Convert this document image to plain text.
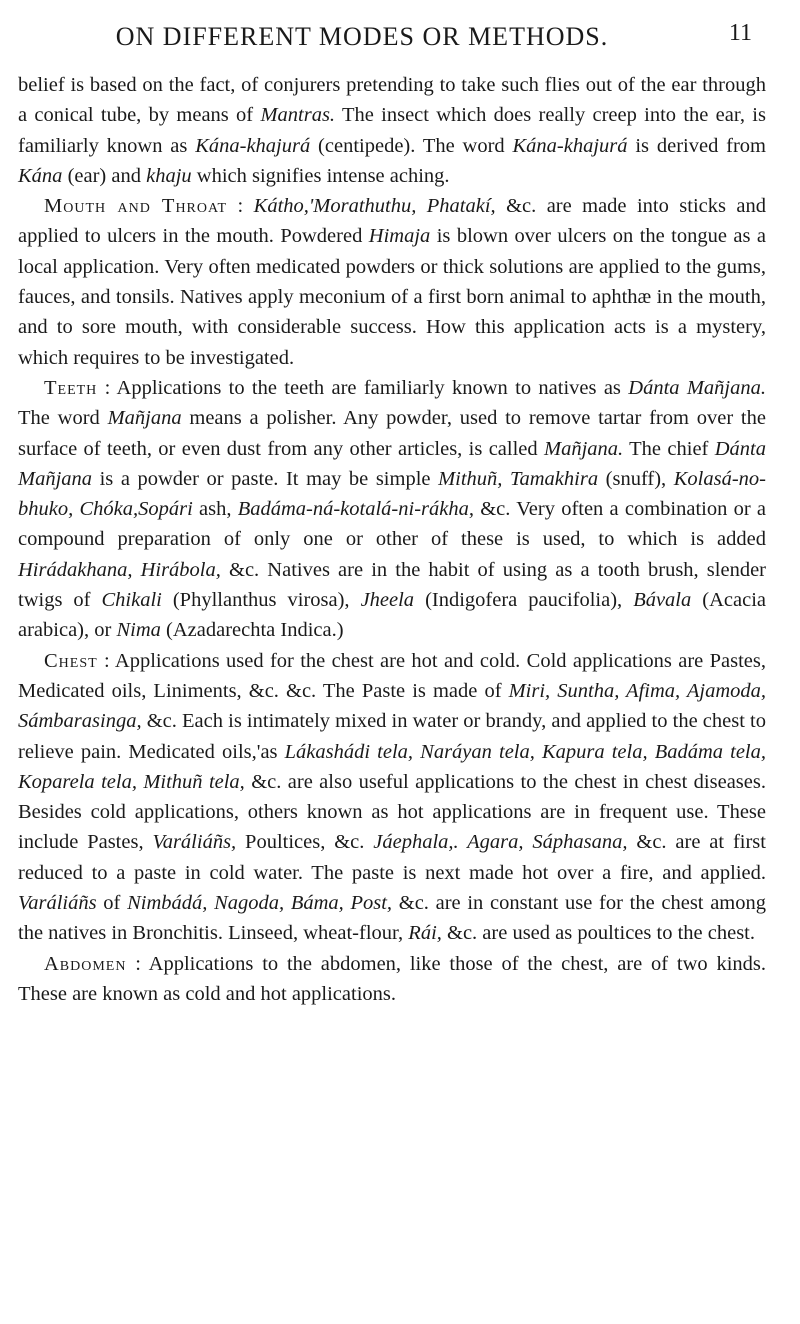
ON DIFFERENT MODES OR METHODS.	11

belief is based on the fact, of conjurers pretending to take such flies out of the ear through a conical tube, by means of Mantras. The insect which does really creep into the ear, is familiarly known as Kána-khajurá (centipede). The word Kána-khajurá is derived from Kána (ear) and khaju which signifies intense aching.

Mouth and Throat : Kátho,'Morathuthu, Phatakí, &c. are made into sticks and applied to ulcers in the mouth. Powdered Himaja is blown over ulcers on the tongue as a local application. Very often medicated powders or thick solutions are applied to the gums, fauces, and tonsils. Natives apply meconium of a first born animal to aphthæ in the mouth, and to sore mouth, with considerable success. How this application acts is a mystery, which requires to be investigated.

Teeth : Applications to the teeth are familiarly known to natives as Dánta Mañjana. The word Mañjana means a polisher. Any powder, used to remove tartar from over the surface of teeth, or even dust from any other articles, is called Mañjana. The chief Dánta Mañjana is a powder or paste. It may be simple Mithuñ, Tamakhira (snuff), Kolasá-no-bhuko, Chóka,Sopári ash, Badáma-ná-kotalá-ni-rákha, &c. Very often a combination or a compound preparation of only one or other of these is used, to which is added Hirádakhana, Hirábola, &c. Natives are in the habit of using as a tooth brush, slender twigs of Chikali (Phyllanthus virosa), Jheela (Indigofera paucifolia), Bávala (Acacia arabica), or Nima (Azadarechta Indica.)

Chest : Applications used for the chest are hot and cold. Cold applications are Pastes, Medicated oils, Liniments, &c. &c. The Paste is made of Miri, Suntha, Afima, Ajamoda, Sámbarasinga, &c. Each is intimately mixed in water or brandy, and applied to the chest to relieve pain. Medicated oils,'as Lákashádi tela, Naráyan tela, Kapura tela, Badáma tela, Koparela tela, Mithuñ tela, &c. are also useful applications to the chest in chest diseases. Besides cold applications, others known as hot applications are in frequent use. These include Pastes, Varáliáñs, Poultices, &c. Jáephala,. Agara, Sáphasana, &c. are at first reduced to a paste in cold water. The paste is next made hot over a fire, and applied. Varáliáñs of Nimbádá, Nagoda, Báma, Post, &c. are in constant use for the chest among the natives in Bronchitis. Linseed, wheat-flour, Rái, &c. are used as poultices to the chest.

Abdomen : Applications to the abdomen, like those of the chest, are of two kinds. These are known as cold and hot applications.
